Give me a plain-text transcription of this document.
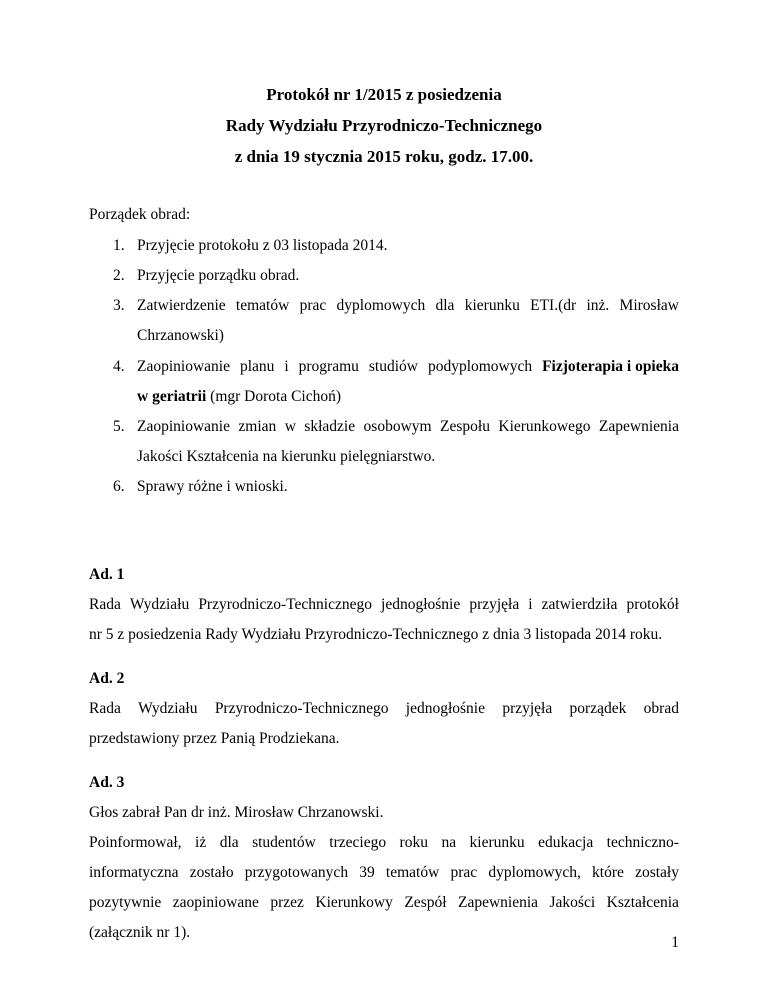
Protokół nr 1/2015 z posiedzenia
Rady Wydziału Przyrodniczo-Technicznego
z dnia 19 stycznia 2015 roku, godz. 17.00.
Porządek obrad:
1. Przyjęcie protokołu z 03 listopada 2014.
2. Przyjęcie porządku obrad.
3. Zatwierdzenie tematów prac dyplomowych dla kierunku ETI.(dr inż. Mirosław
Chrzanowski)
4. Zaopiniowanie planu i programu studiów podyplomowych Fizjoterapia i opieka
w geriatrii (mgr Dorota Cichoń)
5. Zaopiniowanie zmian w składzie osobowym Zespołu Kierunkowego Zapewnienia
Jakości Kształcenia na kierunku pielęgniarstwo.
6. Sprawy różne i wnioski.
Ad. 1
Rada Wydziału Przyrodniczo-Technicznego jednogłośnie przyjęła i zatwierdziła protokół
nr 5 z posiedzenia Rady Wydziału Przyrodniczo-Technicznego z dnia 3 listopada 2014 roku.
Ad. 2
Rada Wydziału Przyrodniczo-Technicznego jednogłośnie przyjęła porządek obrad
przedstawiony przez Panią Prodziekana.
Ad. 3
Głos zabrał Pan dr inż. Mirosław Chrzanowski.
Poinformował, iż dla studentów trzeciego roku na kierunku edukacja techniczno-
informatyczna zostało przygotowanych 39 tematów prac dyplomowych, które zostały
pozytywnie zaopiniowane przez Kierunkowy Zespół Zapewnienia Jakości Kształcenia
(załącznik nr 1).
1
